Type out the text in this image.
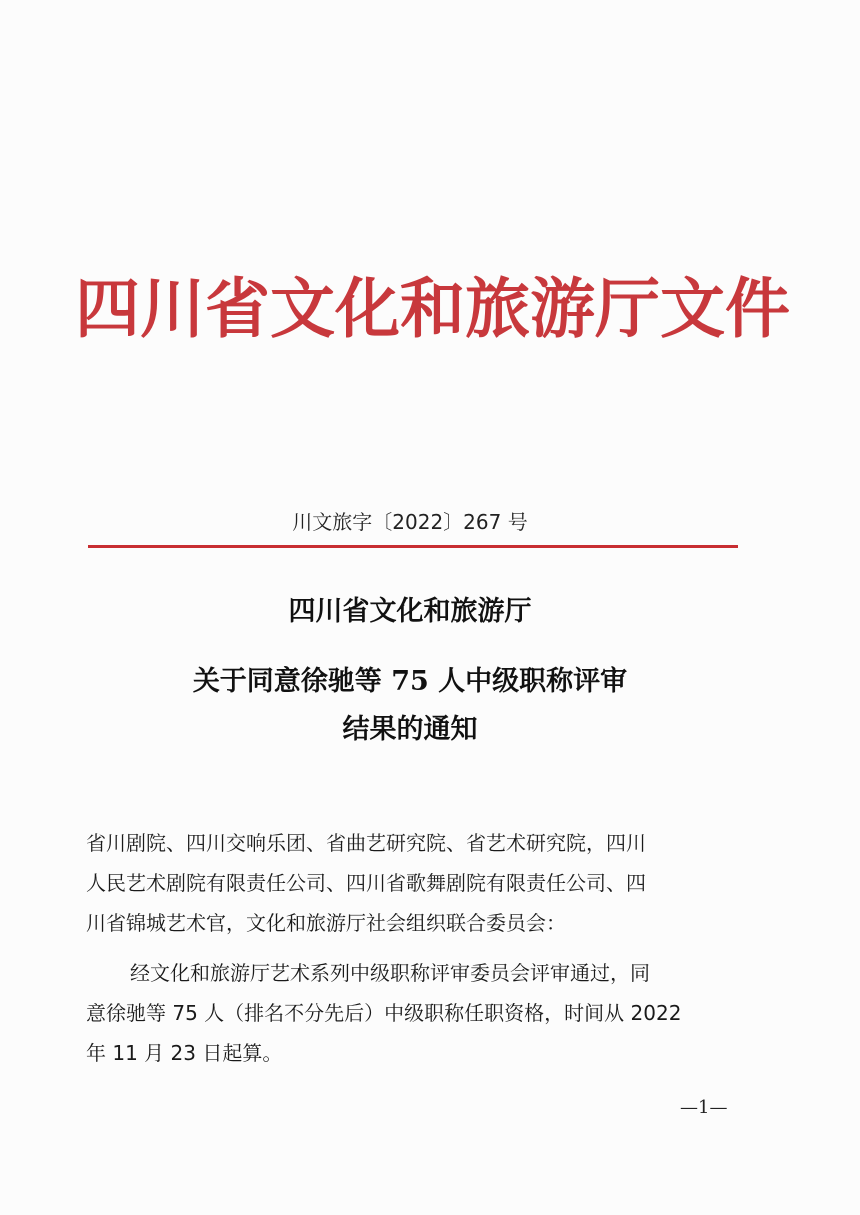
四川省文化和旅游厅文件
川文旅字〔2022〕267 号
四川省文化和旅游厅
关于同意徐驰等 75 人中级职称评审
结果的通知
省川剧院、四川交响乐团、省曲艺研究院、省艺术研究院，四川
人民艺术剧院有限责任公司、四川省歌舞剧院有限责任公司、四
川省锦城艺术官，文化和旅游厅社会组织联合委员会：
经文化和旅游厅艺术系列中级职称评审委员会评审通过，同
意徐驰等 75 人（排名不分先后）中级职称任职资格，时间从 2022
年 11 月 23 日起算。
—1—
